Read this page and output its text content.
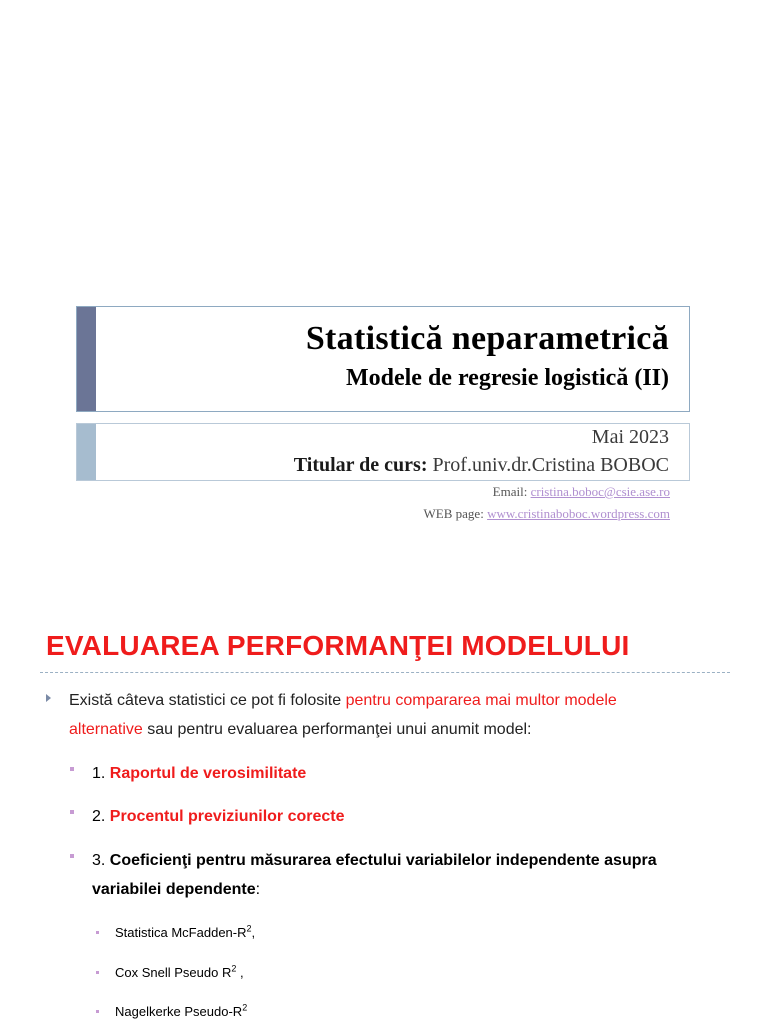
Statistică neparametrică
Modele de regresie logistică (II)
Mai 2023
Titular de curs: Prof.univ.dr.Cristina BOBOC
Email: cristina.boboc@csie.ase.ro
WEB page: www.cristinaboboc.wordpress.com
EVALUAREA PERFORMANŢEI MODELULUI
Există câteva statistici ce pot fi folosite pentru compararea mai multor modele alternative sau pentru evaluarea performanţei unui anumit model:
1. Raportul de verosimilitate
2. Procentul previziunilor corecte
3. Coeficienţi pentru măsurarea efectului variabilelor independente asupra variabilei dependente:
Statistica McFadden-$R^2$,
Cox Snell Pseudo $R^2$ ,
Nagelkerke Pseudo-$R^2$
